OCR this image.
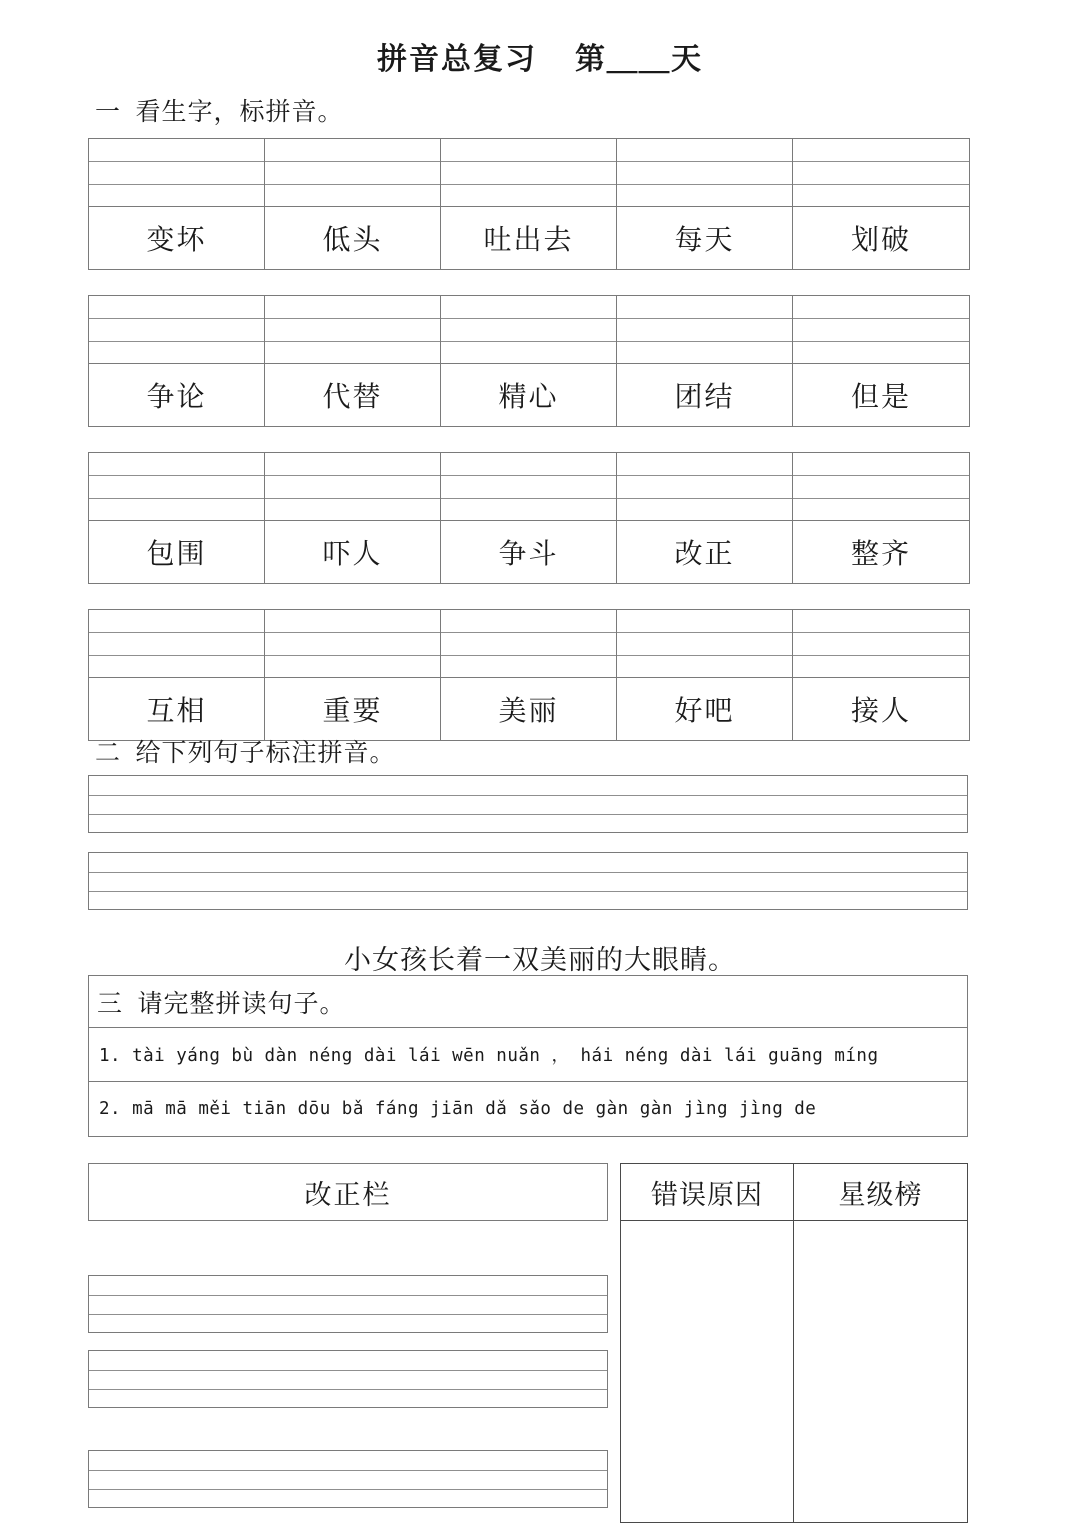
拼音总复习    第＿＿天
一  看生字，标拼音。
变坏	低头	吐出去	每天	划破
争论	代替	精心	团结	但是
包围	吓人	争斗	改正	整齐
互相	重要	美丽	好吧	接人
二  给下列句子标注拼音。
小女孩长着一双美丽的大眼睛。
三  请完整拼读句子。
1. tài yáng bù dàn néng dài lái wēn nuǎn ， hái néng dài lái guāng míng
2. mā mā měi tiān dōu bǎ fáng jiān dǎ sǎo de gàn gàn jìng jìng de
改正栏	错误原因	星级榜
